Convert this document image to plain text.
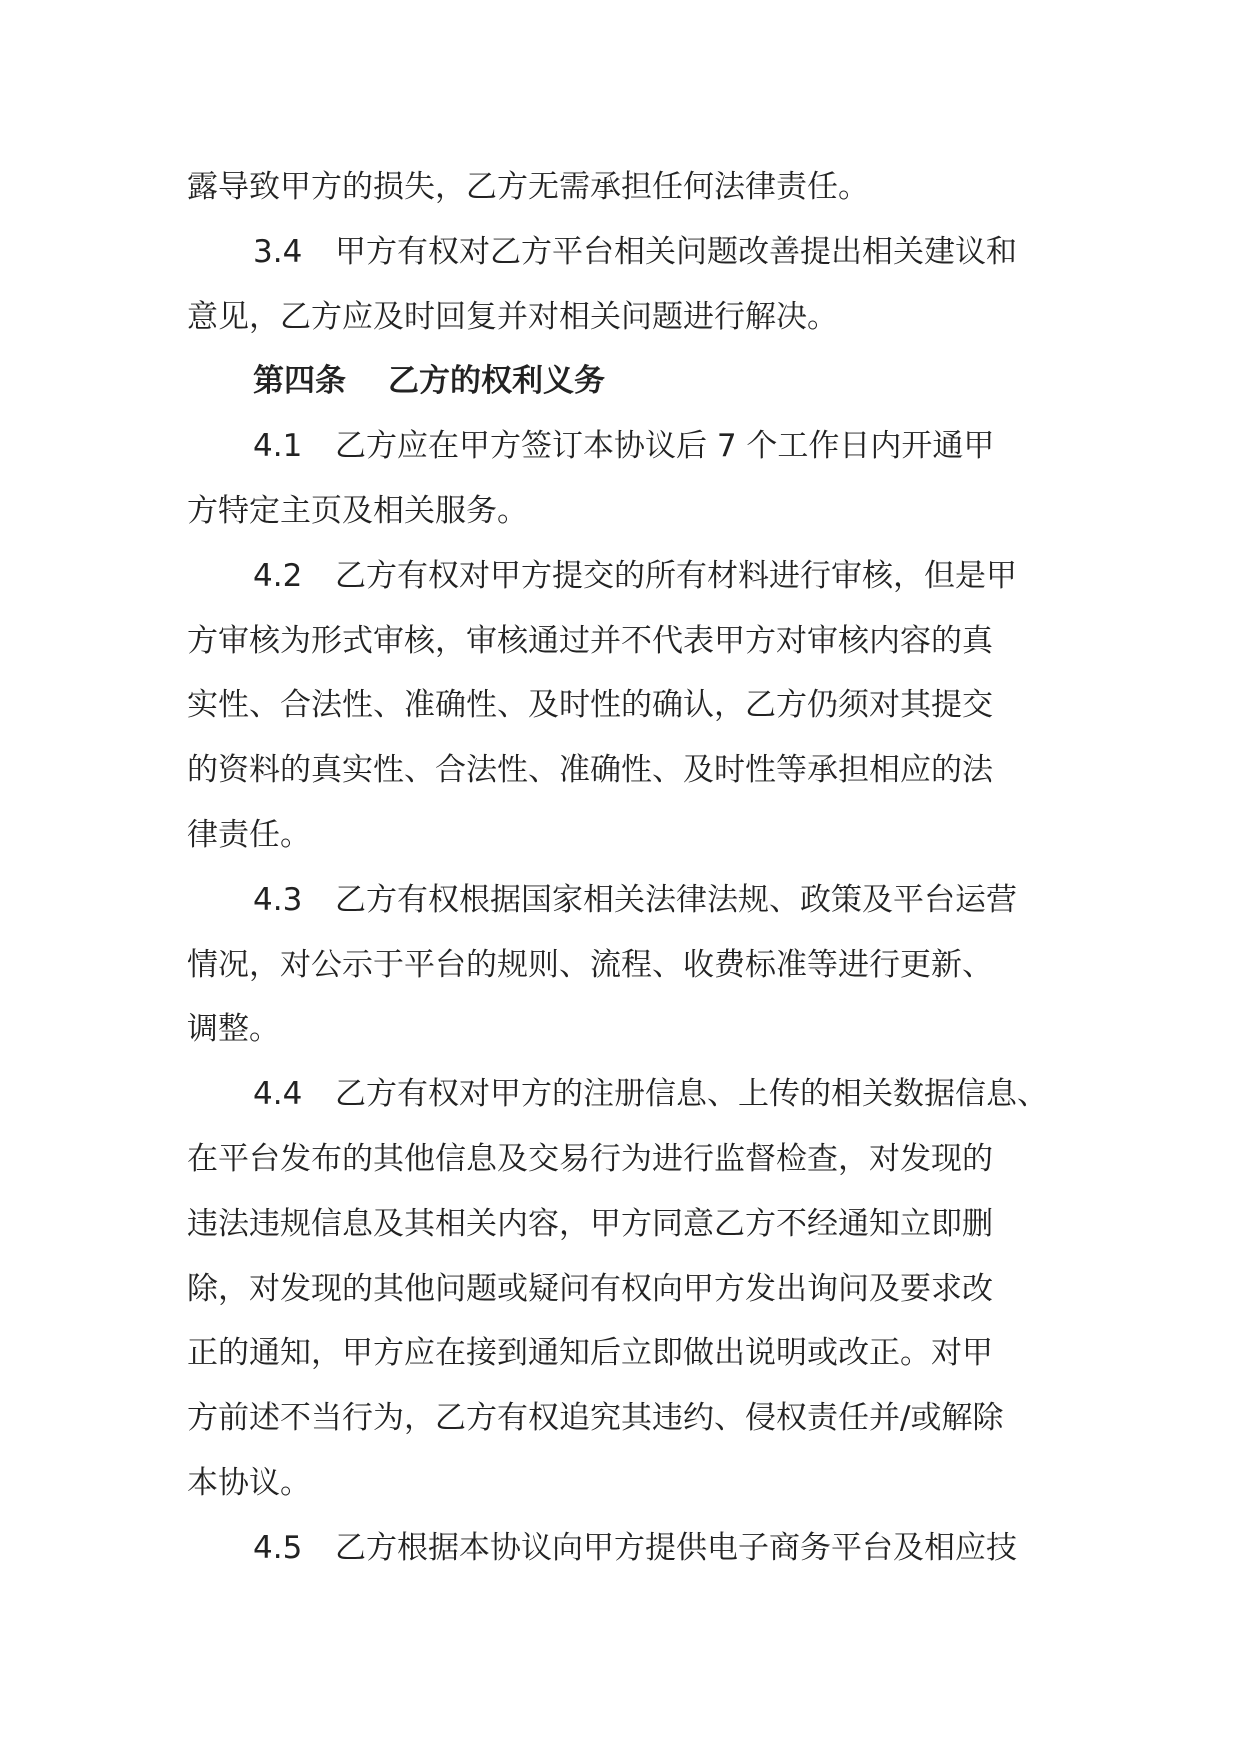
露导致甲方的损失，乙方无需承担任何法律责任。
3.4 甲方有权对乙方平台相关问题改善提出相关建议和
意见，乙方应及时回复并对相关问题进行解决。
第四条 乙方的权利义务
4.1 乙方应在甲方签订本协议后 7 个工作日内开通甲
方特定主页及相关服务。
4.2 乙方有权对甲方提交的所有材料进行审核，但是甲
方审核为形式审核，审核通过并不代表甲方对审核内容的真
实性、合法性、准确性、及时性的确认，乙方仍须对其提交
的资料的真实性、合法性、准确性、及时性等承担相应的法
律责任。
4.3 乙方有权根据国家相关法律法规、政策及平台运营
情况，对公示于平台的规则、流程、收费标准等进行更新、
调整。
4.4 乙方有权对甲方的注册信息、上传的相关数据信息、
在平台发布的其他信息及交易行为进行监督检查，对发现的
违法违规信息及其相关内容，甲方同意乙方不经通知立即删
除，对发现的其他问题或疑问有权向甲方发出询问及要求改
正的通知，甲方应在接到通知后立即做出说明或改正。对甲
方前述不当行为，乙方有权追究其违约、侵权责任并/或解除
本协议。
4.5 乙方根据本协议向甲方提供电子商务平台及相应技
